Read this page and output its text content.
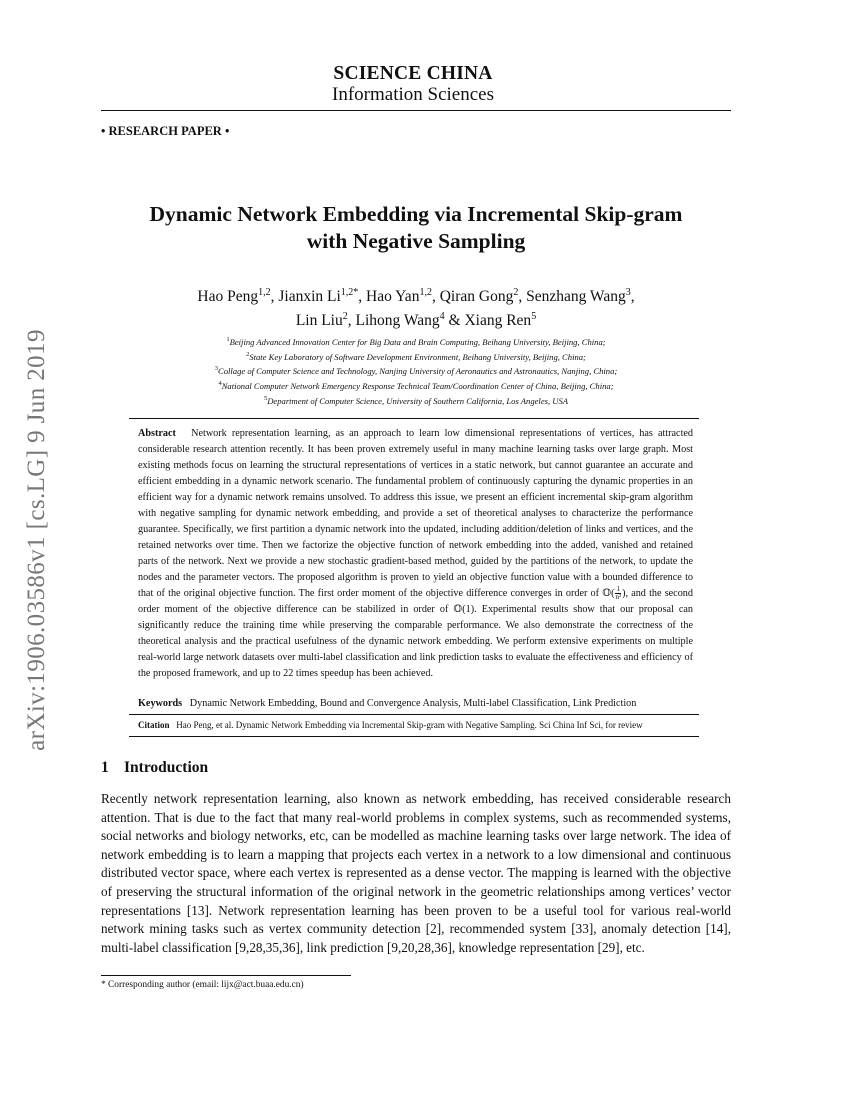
SCIENCE CHINA
Information Sciences
• RESEARCH PAPER •
arXiv:1906.03586v1 [cs.LG] 9 Jun 2019
Dynamic Network Embedding via Incremental Skip-gram
with Negative Sampling
Hao Peng$^{1,2}$, Jianxin $Li^{1,2*}$, Hao Yan$^{1,2}$, Qiran Gong$^2$, Senzhang Wang$^3$,
Lin Liu$^2$, Lihong Wang$^4$ & Xiang Ren$^5$
$^1$Beijing Advanced Innovation Center for Big Data and Brain Computing, Beihang University, Beijing, China;
$^2$State Key Laboratory of Software Development Environment, Beihang University, Beijing, China;
$^3$Collage of Computer Science and Technology, Nanjing University of Aeronautics and Astronautics, Nanjing, China;
$^4$National Computer Network Emergency Response Technical Team/Coordination Center of China, Beijing, China;
$^5$Department of Computer Science, University of Southern California, Los Angeles, USA
Abstract Network representation learning, as an approach to learn low dimensional representations of vertices, has attracted considerable research attention recently. It has been proven extremely useful in many machine learning tasks over large graph. Most existing methods focus on learning the structural representations of vertices in a static network, but cannot guarantee an accurate and efficient embedding in a dynamic network scenario. The fundamental problem of continuously capturing the dynamic properties in an efficient way for a dynamic network remains unsolved. To address this issue, we present an efficient incremental skip-gram algorithm with negative sampling for dynamic network embedding, and provide a set of theoretical analyses to characterize the performance guarantee. Specifically, we first partition a dynamic network into the updated, including addition/deletion of links and vertices, and the retained networks over time. Then we factorize the objective function of network embedding into the added, vanished and retained parts of the network. Next we provide a new stochastic gradient-based method, guided by the partitions of the network, to update the nodes and the parameter vectors. The proposed algorithm is proven to yield an objective function value with a bounded difference to that of the original objective function. The first order moment of the objective difference converges in order of 𝕆( $\frac{1}{\text{n²}}$), and the second order moment of the objective difference can be stabilized in order of 𝕆(1). Experimental results show that our proposal can significantly reduce the training time while preserving the comparable performance. We also demonstrate the correctness of the theoretical analysis and the practical usefulness of the dynamic network embedding. We perform extensive experiments on multiple real-world large network datasets over multi-label classification and link prediction tasks to evaluate the effectiveness and efficiency of the proposed framework, and up to 22 times speedup has been achieved.
Keywords Dynamic Network Embedding, Bound and Convergence Analysis, Multi-label Classification, Link Prediction
Citation Hao Peng, et al. Dynamic Network Embedding via Incremental Skip-gram with Negative Sampling. Sci China Inf Sci, for review
1 Introduction
Recently network representation learning, also known as network embedding, has received considerable research attention. That is due to the fact that many real-world problems in complex systems, such as recommended systems, social networks and biology networks, etc, can be modelled as machine learning tasks over large network. The idea of network embedding is to learn a mapping that projects each vertex in a network to a low dimensional and continuous distributed vector space, where each vertex is represented as a dense vector. The mapping is learned with the objective of preserving the structural information of the original network in the geometric relationships among vertices’ vector representations [13]. Network representation learning has been proven to be a useful tool for various real-world network mining tasks such as vertex community detection [2], recommended system [33], anomaly detection [14], multi-label classification [9,28,35,36], link prediction [9,20,28,36], knowledge representation [29], etc.
* Corresponding author (email: lijx@act.buaa.edu.cn)
